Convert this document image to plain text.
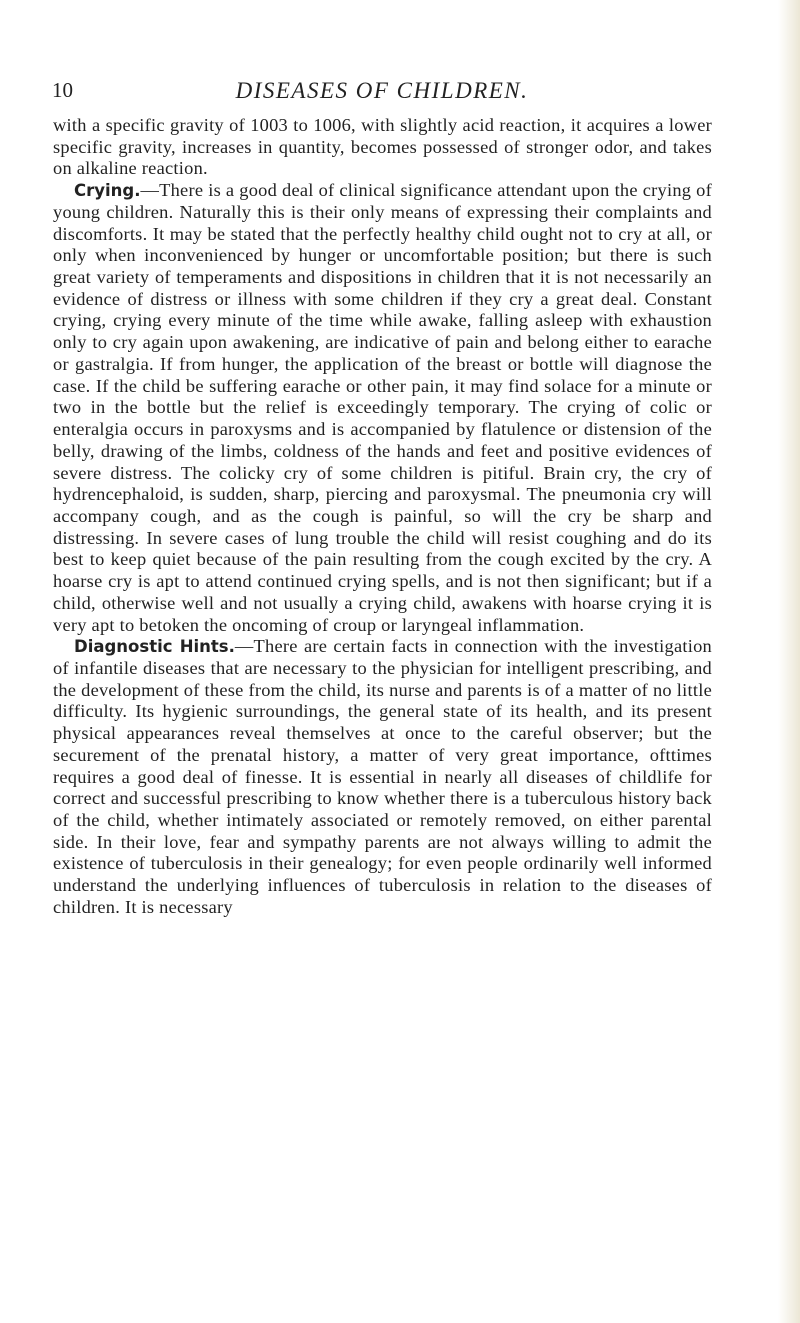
10	DISEASES OF CHILDREN.

with a specific gravity of 1003 to 1006, with slightly acid reaction, it acquires a lower specific gravity, increases in quantity, becomes possessed of stronger odor, and takes on alkaline reaction.

Crying.—There is a good deal of clinical significance attendant upon the crying of young children. Naturally this is their only means of expressing their complaints and discomforts. It may be stated that the perfectly healthy child ought not to cry at all, or only when inconvenienced by hunger or uncomfortable position; but there is such great variety of temperaments and dispositions in children that it is not necessarily an evidence of distress or illness with some children if they cry a great deal. Constant crying, crying every minute of the time while awake, falling asleep with exhaustion only to cry again upon awakening, are indicative of pain and belong either to earache or gastralgia. If from hunger, the application of the breast or bottle will diagnose the case. If the child be suffering earache or other pain, it may find solace for a minute or two in the bottle but the relief is exceedingly temporary. The crying of colic or enteralgia occurs in paroxysms and is accompanied by flatulence or distension of the belly, drawing of the limbs, coldness of the hands and feet and positive evidences of severe distress. The colicky cry of some children is pitiful. Brain cry, the cry of hydrencephaloid, is sudden, sharp, piercing and paroxysmal. The pneumonia cry will accompany cough, and as the cough is painful, so will the cry be sharp and distressing. In severe cases of lung trouble the child will resist coughing and do its best to keep quiet because of the pain resulting from the cough excited by the cry. A hoarse cry is apt to attend continued crying spells, and is not then significant; but if a child, otherwise well and not usually a crying child, awakens with hoarse crying it is very apt to betoken the oncoming of croup or laryngeal inflammation.

Diagnostic Hints.—There are certain facts in connection with the investigation of infantile diseases that are necessary to the physician for intelligent prescribing, and the development of these from the child, its nurse and parents is of a matter of no little difficulty. Its hygienic surroundings, the general state of its health, and its present physical appearances reveal themselves at once to the careful observer; but the securement of the prenatal history, a matter of very great importance, ofttimes requires a good deal of finesse. It is essential in nearly all diseases of childlife for correct and successful prescribing to know whether there is a tuberculous history back of the child, whether intimately associated or remotely removed, on either parental side. In their love, fear and sympathy parents are not always willing to admit the existence of tuberculosis in their genealogy; for even people ordinarily well informed understand the underlying influences of tuberculosis in relation to the diseases of children. It is necessary
